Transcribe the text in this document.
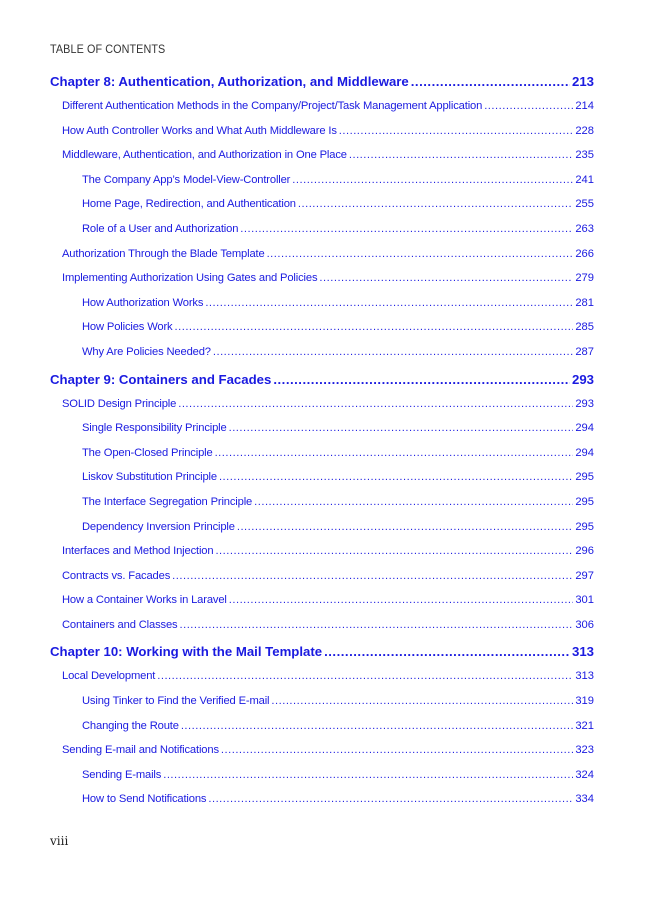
TABLE OF CONTENTS
Chapter 8: Authentication, Authorization, and Middleware .....	213
Different Authentication Methods in the Company/Project/Task Management Application .....	214
How Auth Controller Works and What Auth Middleware Is .....	228
Middleware, Authentication, and Authorization in One Place .....	235
The Company App’s Model-View-Controller .....	241
Home Page, Redirection, and Authentication .....	255
Role of a User and Authorization .....	263
Authorization Through the Blade Template .....	266
Implementing Authorization Using Gates and Policies .....	279
How Authorization Works .....	281
How Policies Work .....	285
Why Are Policies Needed? .....	287
Chapter 9: Containers and Facades .....	293
SOLID Design Principle .....	293
Single Responsibility Principle .....	294
The Open-Closed Principle .....	294
Liskov Substitution Principle .....	295
The Interface Segregation Principle .....	295
Dependency Inversion Principle .....	295
Interfaces and Method Injection .....	296
Contracts vs. Facades .....	297
How a Container Works in Laravel .....	301
Containers and Classes .....	306
Chapter 10: Working with the Mail Template .....	313
Local Development .....	313
Using Tinker to Find the Verified E-mail .....	319
Changing the Route .....	321
Sending E-mail and Notifications .....	323
Sending E-mails .....	324
How to Send Notifications .....	334
viii
